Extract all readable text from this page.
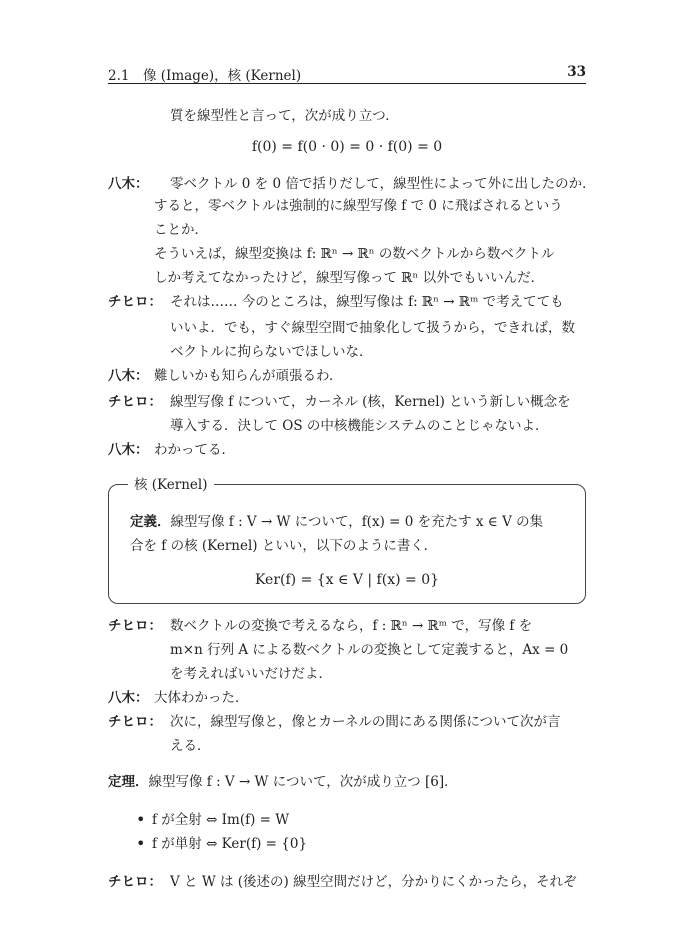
2.1　像 (Image)，核 (Kernel)	33
質を線型性と言って，次が成り立つ．
f(0) = f(0 · 0) = 0 · f(0) = 0
八木： 零ベクトル 0 を 0 倍で括りだして，線型性によって外に出したのか．
すると，零ベクトルは強制的に線型写像 f で 0 に飛ばされるという
ことか．
そういえば，線型変換は f: ℝⁿ → ℝⁿ の数ベクトルから数ベクトル
しか考えてなかったけど，線型写像って ℝⁿ 以外でもいいんだ．
チヒロ： それは…… 今のところは，線型写像は f: ℝⁿ → ℝᵐ で考えてても
いいよ．でも，すぐ線型空間で抽象化して扱うから，できれば，数
ベクトルに拘らないでほしいな．
八木： 難しいかも知らんが頑張るわ．
チヒロ： 線型写像 f について，カーネル (核，Kernel) という新しい概念を
導入する．決して OS の中核機能システムのことじゃないよ．
八木： わかってる．
核 (Kernel)
定義．線型写像 f : V → W について，f(x) = 0 を充たす x ∈ V の集
合を f の核 (Kernel) といい，以下のように書く．
Ker(f) = {x ∈ V | f(x) = 0}
チヒロ： 数ベクトルの変換で考えるなら，f : ℝⁿ → ℝᵐ で，写像 f を
m×n 行列 A による数ベクトルの変換として定義すると，Ax = 0
を考えればいいだけだよ．
八木： 大体わかった．
チヒロ： 次に，線型写像と，像とカーネルの間にある関係について次が言
える．
定理．線型写像 f : V → W について，次が成り立つ [6]．
• f が全射 ⇔ Im(f) = W
• f が単射 ⇔ Ker(f) = {0}
チヒロ： V と W は (後述の) 線型空間だけど，分かりにくかったら，それぞ
